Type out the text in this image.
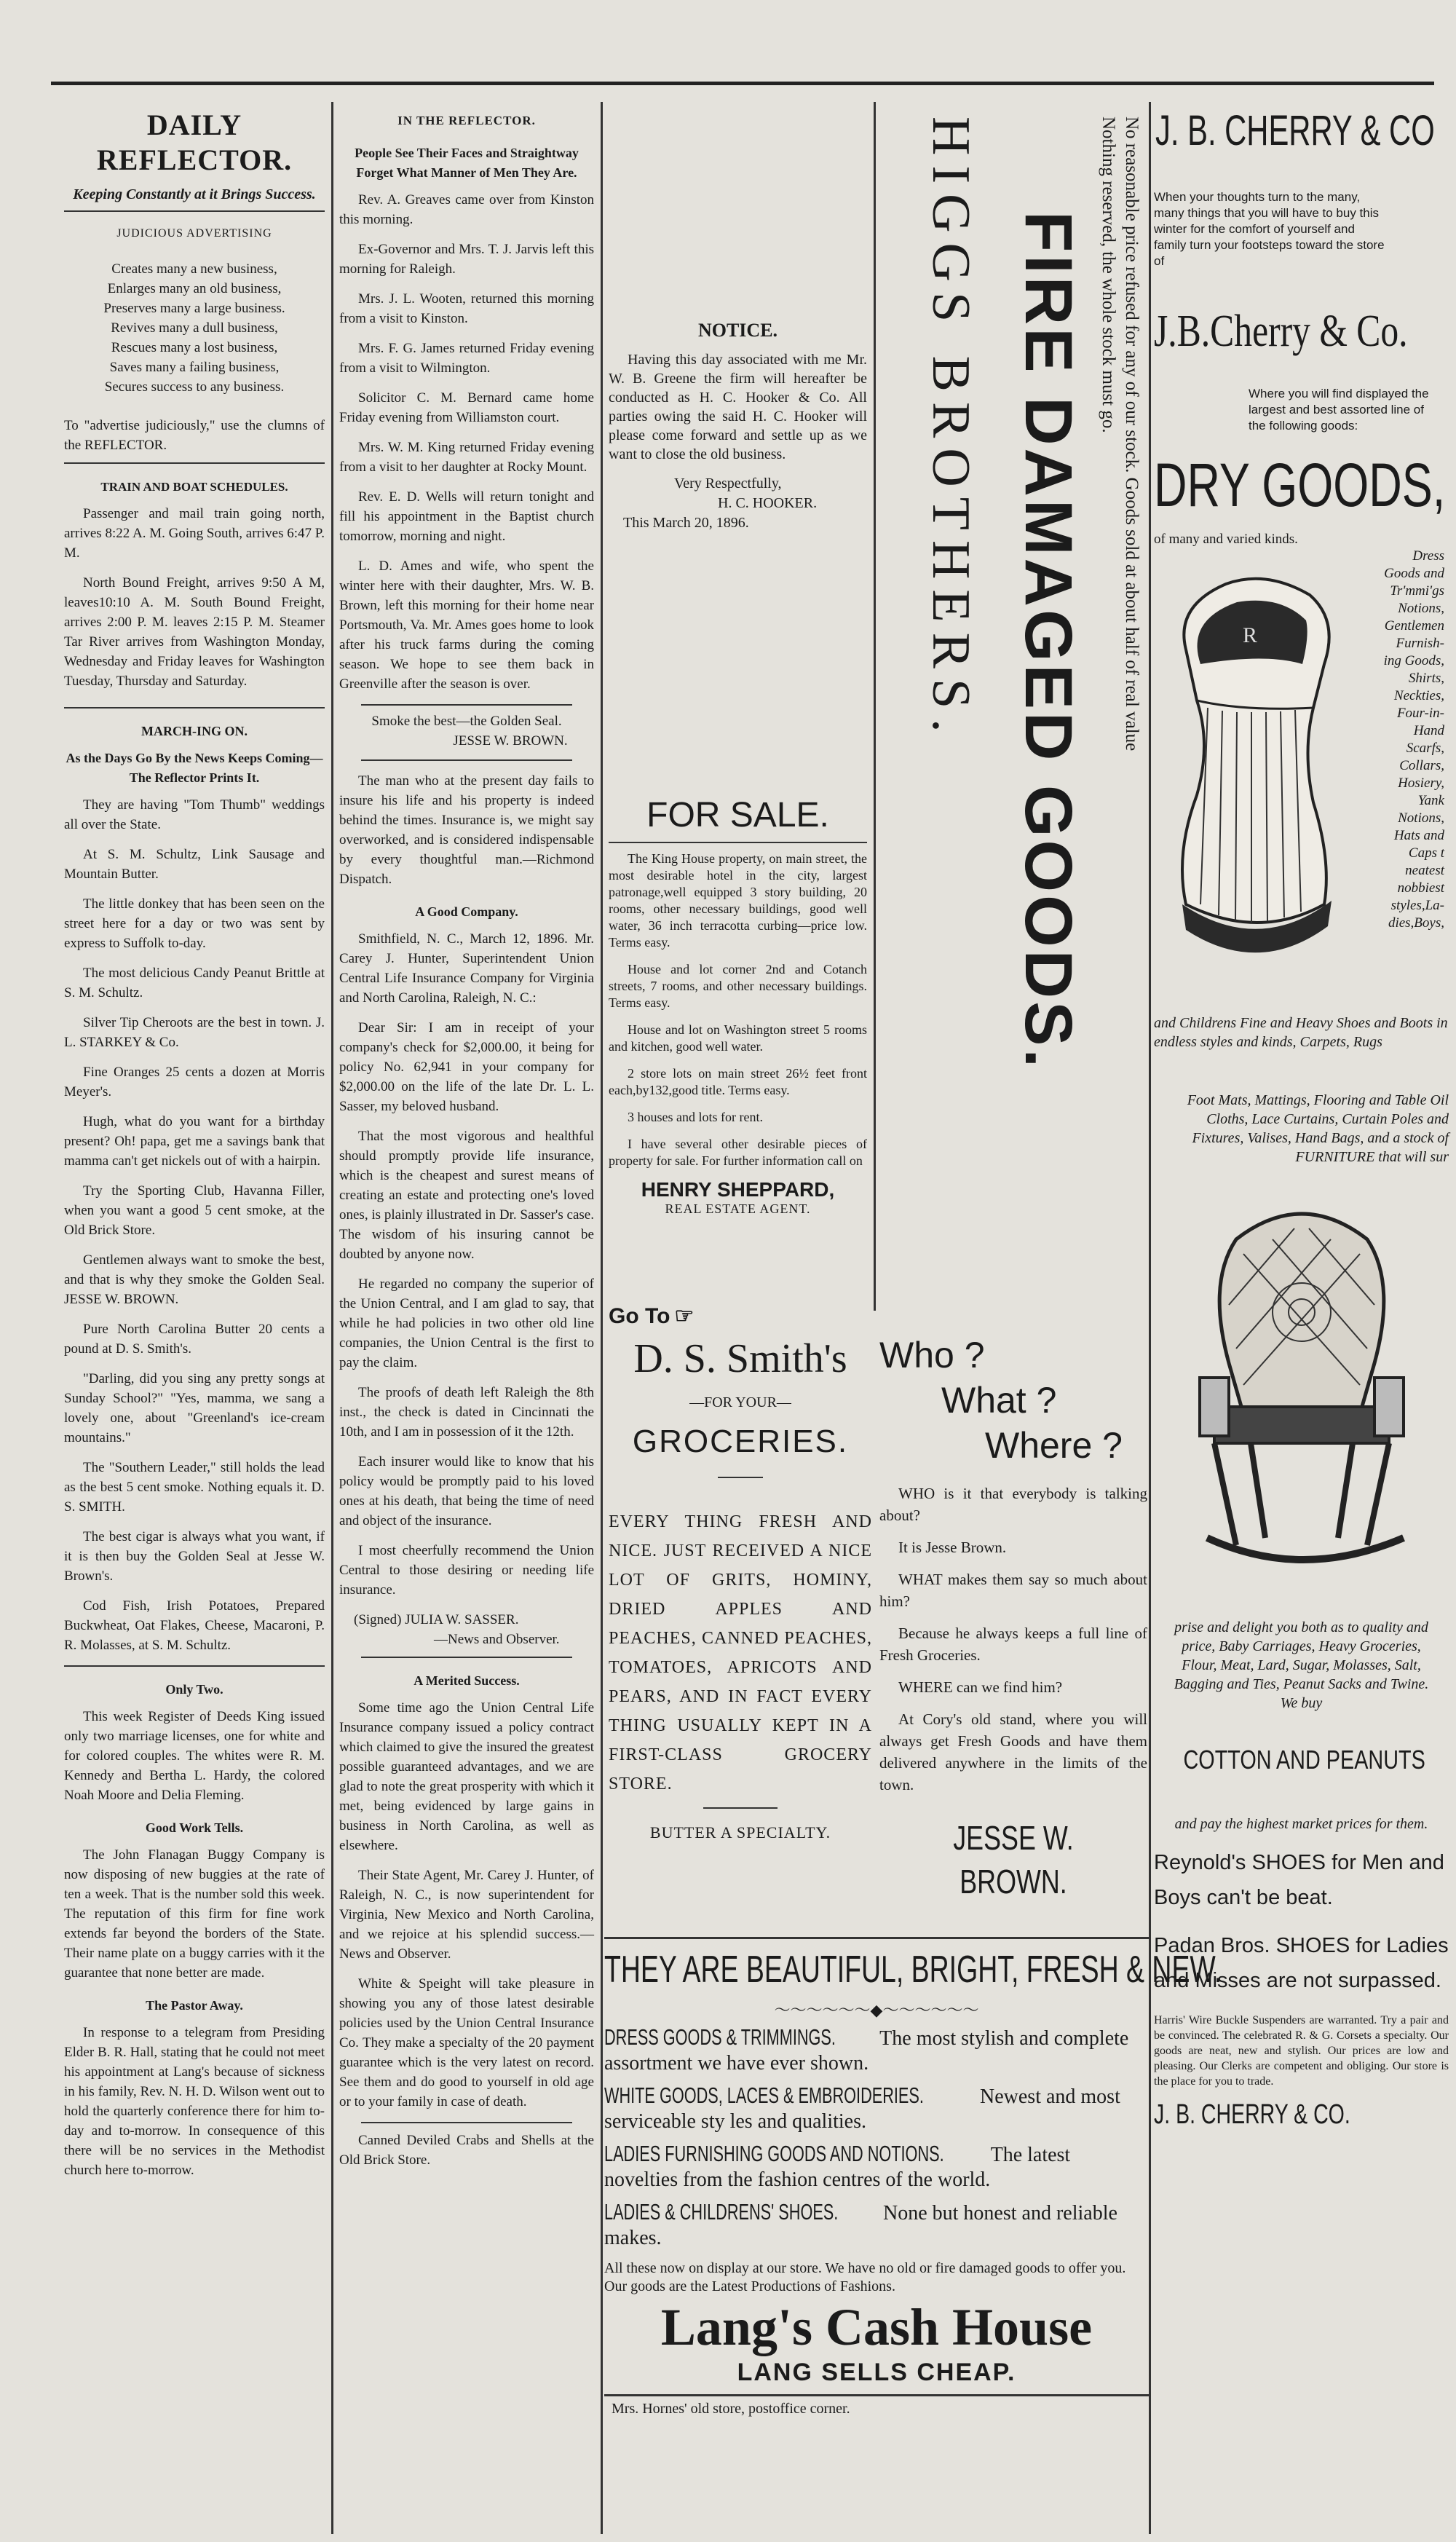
DAILY REFLECTOR.
Keeping Constantly at it Brings Success.
JUDICIOUS ADVERTISING
Creates many a new business,
Enlarges many an old business,
Preserves many a large business.
Revives many a dull business,
Rescues many a lost business,
Saves many a failing business,
Secures success to any business.
To "advertise judiciously," use the clumns of the REFLECTOR.
TRAIN AND BOAT SCHEDULES.
Passenger and mail train going north, arrives 8:22 A. M. Going South, arrives 6:47 P. M.
North Bound Freight, arrives 9:50 A M, leaves10:10 A. M. South Bound Freight, arrives 2:00 P. M. leaves 2:15 P. M. Steamer Tar River arrives from Washington Monday, Wednesday and Friday leaves for Washington Tuesday, Thursday and Saturday.
MARCH-ING ON.
As the Days Go By the News Keeps Coming—The Reflector Prints It.
They are having "Tom Thumb" weddings all over the State.
At S. M. Schultz, Link Sausage and Mountain Butter.
The little donkey that has been seen on the street here for a day or two was sent by express to Suffolk to-day.
The most delicious Candy Peanut Brittle at S. M. Schultz.
Silver Tip Cheroots are the best in town. J. L. STARKEY & Co.
Fine Oranges 25 cents a dozen at Morris Meyer's.
Hugh, what do you want for a birthday present? Oh! papa, get me a savings bank that mamma can't get nickels out of with a hairpin.
Try the Sporting Club, Havanna Filler, when you want a good 5 cent smoke, at the Old Brick Store.
Gentlemen always want to smoke the best, and that is why they smoke the Golden Seal. JESSE W. BROWN.
Pure North Carolina Butter 20 cents a pound at D. S. Smith's.
"Darling, did you sing any pretty songs at Sunday School?" "Yes, mamma, we sang a lovely one, about "Greenland's ice-cream mountains."
The "Southern Leader," still holds the lead as the best 5 cent smoke. Nothing equals it. D. S. SMITH.
The best cigar is always what you want, if it is then buy the Golden Seal at Jesse W. Brown's.
Cod Fish, Irish Potatoes, Prepared Buckwheat, Oat Flakes, Cheese, Macaroni, P. R. Molasses, at S. M. Schultz.
Only Two.
This week Register of Deeds King issued only two marriage licenses, one for white and for colored couples. The whites were R. M. Kennedy and Bertha L. Hardy, the colored Noah Moore and Delia Fleming.
Good Work Tells.
The John Flanagan Buggy Company is now disposing of new buggies at the rate of ten a week. That is the number sold this week. The reputation of this firm for fine work extends far beyond the borders of the State. Their name plate on a buggy carries with it the guarantee that none better are made.
The Pastor Away.
In response to a telegram from Presiding Elder B. R. Hall, stating that he could not meet his appointment at Lang's because of sickness in his family, Rev. N. H. D. Wilson went out to hold the quarterly conference there for him to-day and to-morrow. In consequence of this there will be no services in the Methodist church here to-morrow.
IN THE REFLECTOR.
People See Their Faces and Straightway Forget What Manner of Men They Are.
Rev. A. Greaves came over from Kinston this morning.
Ex-Governor and Mrs. T. J. Jarvis left this morning for Raleigh.
Mrs. J. L. Wooten, returned this morning from a visit to Kinston.
Mrs. F. G. James returned Friday evening from a visit to Wilmington.
Solicitor C. M. Bernard came home Friday evening from Williamston court.
Mrs. W. M. King returned Friday evening from a visit to her daughter at Rocky Mount.
Rev. E. D. Wells will return tonight and fill his appointment in the Baptist church tomorrow, morning and night.
L. D. Ames and wife, who spent the winter here with their daughter, Mrs. W. B. Brown, left this morning for their home near Portsmouth, Va. Mr. Ames goes home to look after his truck farms during the coming season. We hope to see them back in Greenville after the season is over.
Smoke the best—the Golden Seal.
JESSE W. BROWN.
The man who at the present day fails to insure his life and his property is indeed behind the times. Insurance is, we might say overworked, and is considered indispensable by every thoughtful man.—Richmond Dispatch.
A Good Company.
Smithfield, N. C., March 12, 1896. Mr. Carey J. Hunter, Superintendent Union Central Life Insurance Company for Virginia and North Carolina, Raleigh, N. C.:
Dear Sir: I am in receipt of your company's check for $2,000.00, it being for policy No. 62,941 in your company for $2,000.00 on the life of the late Dr. L. L. Sasser, my beloved husband.
That the most vigorous and healthful should promptly provide life insurance, which is the cheapest and surest means of creating an estate and protecting one's loved ones, is plainly illustrated in Dr. Sasser's case. The wisdom of his insuring cannot be doubted by anyone now.
He regarded no company the superior of the Union Central, and I am glad to say, that while he had policies in two other old line companies, the Union Central is the first to pay the claim.
The proofs of death left Raleigh the 8th inst., the check is dated in Cincinnati the 10th, and I am in possession of it the 12th.
Each insurer would like to know that his policy would be promptly paid to his loved ones at his death, that being the time of need and object of the insurance.
I most cheerfully recommend the Union Central to those desiring or needing life insurance.
(Signed) JULIA W. SASSER.
—News and Observer.
A Merited Success.
Some time ago the Union Central Life Insurance company issued a policy contract which claimed to give the insured the greatest possible guaranteed advantages, and we are glad to note the great prosperity with which it met, being evidenced by large gains in business in North Carolina, as well as elsewhere.
Their State Agent, Mr. Carey J. Hunter, of Raleigh, N. C., is now superintendent for Virginia, New Mexico and North Carolina, and we rejoice at his splendid success.—News and Observer.
White & Speight will take pleasure in showing you any of those latest desirable policies used by the Union Central Insurance Co. They make a specialty of the 20 payment guarantee which is the very latest on record. See them and do good to yourself in old age or to your family in case of death.
Canned Deviled Crabs and Shells at the Old Brick Store.
NOTICE.
Having this day associated with me Mr. W. B. Greene the firm will hereafter be conducted as H. C. Hooker & Co. All parties owing the said H. C. Hooker will please come forward and settle up as we want to close the old business.
Very Respectfully,
H. C. HOOKER.
This March 20, 1896.
FOR SALE.
The King House property, on main street, the most desirable hotel in the city, largest patronage,well equipped 3 story building, 20 rooms, other necessary buildings, good well water, 36 inch terracotta curbing—price low. Terms easy.
House and lot corner 2nd and Cotanch streets, 7 rooms, and other necessary buildings. Terms easy.
House and lot on Washington street 5 rooms and kitchen, good well water.
2 store lots on main street 26½ feet front each,by132,good title. Terms easy.
3 houses and lots for rent.
I have several other desirable pieces of property for sale. For further information call on
HENRY SHEPPARD,
REAL ESTATE AGENT.
No reasonable price refused for any of our stock. Goods sold at about half of real value
Nothing reserved, the whole stock must go.
FIRE DAMAGED GOODS.
HIGGS BROTHERS.
Go To ☞
D. S. Smith's
—FOR YOUR—
GROCERIES.
EVERY THING FRESH AND NICE. JUST RECEIVED A NICE LOT OF GRITS, HOMINY, DRIED APPLES AND PEACHES, CANNED PEACHES, TOMATOES, APRICOTS AND PEARS, AND IN FACT EVERY THING USUALLY KEPT IN A FIRST-CLASS GROCERY STORE.
BUTTER A SPECIALTY.
Who ?
What ?
Where ?
WHO is it that everybody is talking about?
It is Jesse Brown.
WHAT makes them say so much about him?
Because he always keeps a full line of Fresh Groceries.
WHERE can we find him?
At Cory's old stand, where you will always get Fresh Goods and have them delivered anywhere in the limits of the town.
JESSE W. BROWN.
THEY ARE BEAUTIFUL, BRIGHT, FRESH & NEW.
～～～～～～◆～～～～～～
DRESS GOODS & TRIMMINGS. The most stylish and complete assortment we have ever shown.
WHITE GOODS, LACES & EMBROIDERIES.	Newest and most serviceable sty les and qualities.
LADIES FURNISHING GOODS AND NOTIONS. The latest novelties from the fashion centres of the world.
LADIES & CHILDRENS' SHOES. None but honest and reliable makes.
All these now on display at our store. We have no old or fire damaged goods to offer you. Our goods are the Latest Productions of Fashions.
Lang's Cash House
LANG SELLS CHEAP.
Mrs. Hornes' old store, postoffice corner.
J. B. CHERRY & CO
When your thoughts turn to the many, many things that you will have to buy this winter for the comfort of yourself and family turn your footsteps toward the store of
J.B.Cherry & Co.
Where you will find displayed the largest and best assorted line of the following goods:
DRY GOODS,
of many and varied kinds.
R
Dress
Goods and
Tr'mmi'gs
Notions,
Gentlemen
Furnish-
ing Goods,
Shirts,
Neckties,
Four-in-
Hand
Scarfs,
Collars,
Hosiery,
Yank
Notions,
Hats and
Caps t
neatest
nobbiest
styles,La-
dies,Boys,
and Childrens Fine and Heavy Shoes and Boots in endless styles and kinds, Carpets, Rugs
Foot Mats, Mattings, Flooring and Table Oil Cloths, Lace Curtains, Curtain Poles and Fixtures, Valises, Hand Bags, and a stock of FURNITURE that will sur
prise and delight you both as to quality and price, Baby Carriages, Heavy Groceries, Flour, Meat, Lard, Sugar, Molasses, Salt, Bagging and Ties, Peanut Sacks and Twine. We buy
COTTON AND PEANUTS
and pay the highest market prices for them.
Reynold's SHOES for Men and Boys can't be beat.
Padan Bros. SHOES for Ladies and Misses are not surpassed.
Harris' Wire Buckle Suspenders are warranted. Try a pair and be convinced. The celebrated R. & G. Corsets a specialty. Our goods are neat, new and stylish. Our prices are low and pleasing. Our Clerks are competent and obliging. Our store is the place for you to trade.
J. B. CHERRY & CO.
